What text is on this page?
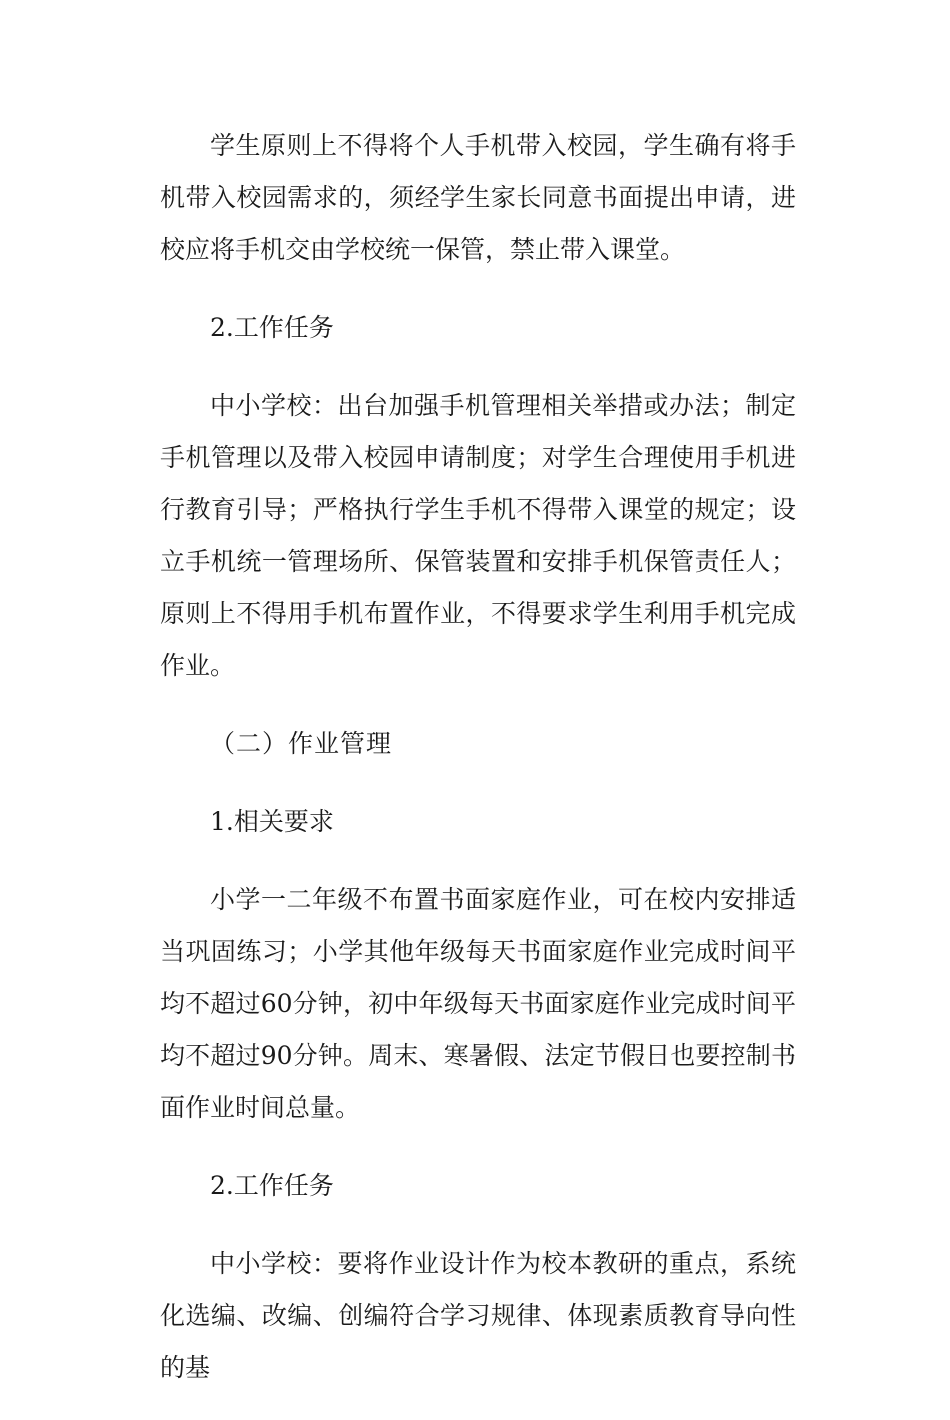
学生原则上不得将个人手机带入校园，学生确有将手机带入校园需求的，须经学生家长同意书面提出申请，进校应将手机交由学校统一保管，禁止带入课堂。

2.工作任务

中小学校：出台加强手机管理相关举措或办法；制定手机管理以及带入校园申请制度；对学生合理使用手机进行教育引导；严格执行学生手机不得带入课堂的规定；设立手机统一管理场所、保管装置和安排手机保管责任人；原则上不得用手机布置作业，不得要求学生利用手机完成作业。

（二）作业管理

1.相关要求

小学一二年级不布置书面家庭作业，可在校内安排适当巩固练习；小学其他年级每天书面家庭作业完成时间平均不超过60分钟，初中年级每天书面家庭作业完成时间平均不超过90分钟。周末、寒暑假、法定节假日也要控制书面作业时间总量。

2.工作任务

中小学校：要将作业设计作为校本教研的重点，系统化选编、改编、创编符合学习规律、体现素质教育导向性的基
